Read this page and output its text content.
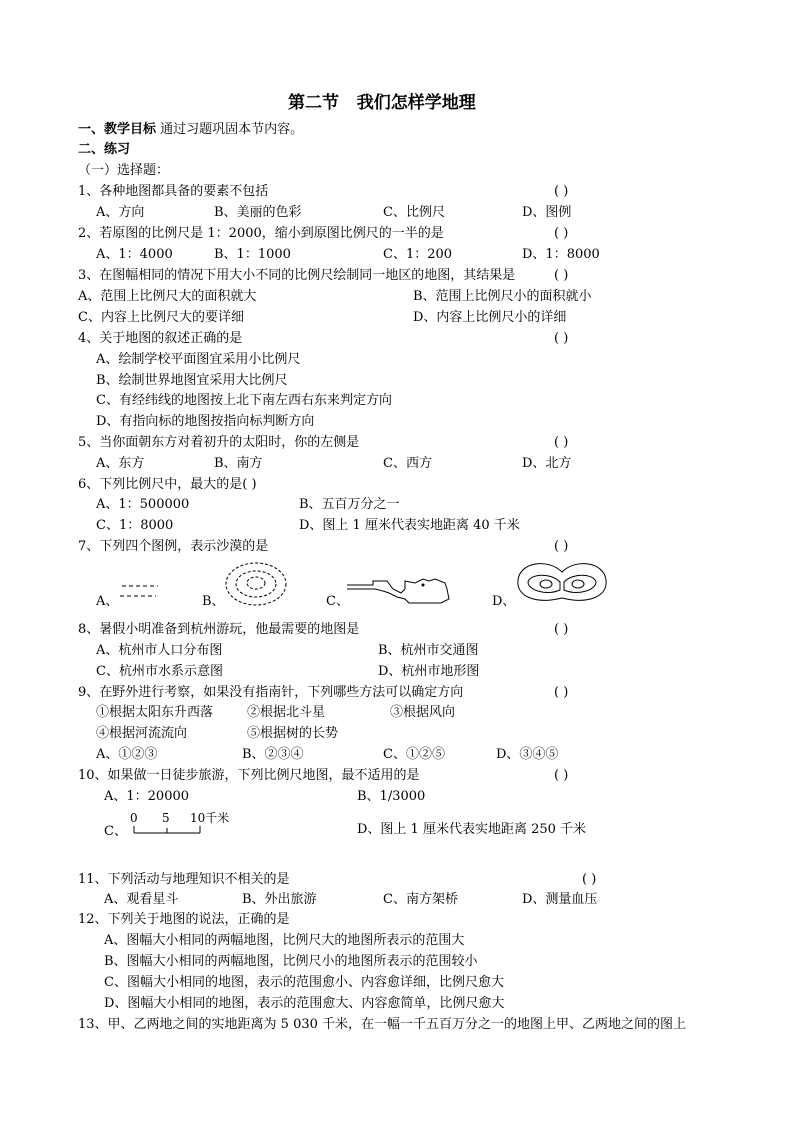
第二节   我们怎样学地理
一、教学目标 通过习题巩固本节内容。
二、练习
（一）选择题：
1、各种地图都具备的要素不包括	( )
A、方向	B、美丽的色彩	C、比例尺	D、图例
2、若原图的比例尺是 1：2000，缩小到原图比例尺的一半的是	( )
A、1：4000	B、1：1000	C、1：200	D、1：8000
3、在图幅相同的情况下用大小不同的比例尺绘制同一地区的地图，其结果是	( )
A、范围上比例尺大的面积就大	B、范围上比例尺小的面积就小
C、内容上比例尺大的要详细	D、内容上比例尺小的详细
4、关于地图的叙述正确的是	( )
A、绘制学校平面图宜采用小比例尺
B、绘制世界地图宜采用大比例尺
C、有经纬线的地图按上北下南左西右东来判定方向
D、有指向标的地图按指向标判断方向
5、当你面朝东方对着初升的太阳时，你的左侧是	( )
A、东方	B、南方	C、西方	D、北方
6、下列比例尺中，最大的是( )
A、1：500000	B、五百万分之一
C、1：8000	D、图上 1 厘米代表实地距离 40 千米
7、下列四个图例，表示沙漠的是	( )
A、	B、	C、	D、
8、暑假小明准备到杭州游玩，他最需要的地图是	( )
A、杭州市人口分布图	B、杭州市交通图
C、杭州市水系示意图	D、杭州市地形图
9、在野外进行考察，如果没有指南针，下列哪些方法可以确定方向	( )
①根据太阳东升西落	②根据北斗星	③根据风向
④根据河流流向	⑤根据树的长势
A、①②③	B、②③④	C、①②⑤	D、③④⑤
10、如果做一日徒步旅游，下列比例尺地图，最不适用的是	( )
A、1：20000	B、1/3000
C、
0 5 10千米
D、图上 1 厘米代表实地距离 250 千米
11、下列活动与地理知识不相关的是	( )
A、观看星斗	B、外出旅游	C、南方架桥	D、测量血压
12、下列关于地图的说法，正确的是
A、图幅大小相同的两幅地图，比例尺大的地图所表示的范围大
B、图幅大小相同的两幅地图，比例尺小的地图所表示的范围较小
C、图幅大小相同的地图，表示的范围愈小、内容愈详细，比例尺愈大
D、图幅大小相同的地图，表示的范围愈大、内容愈简单，比例尺愈大
13、甲、乙两地之间的实地距离为 5 030 千米，在一幅一千五百万分之一的地图上甲、乙两地之间的图上
